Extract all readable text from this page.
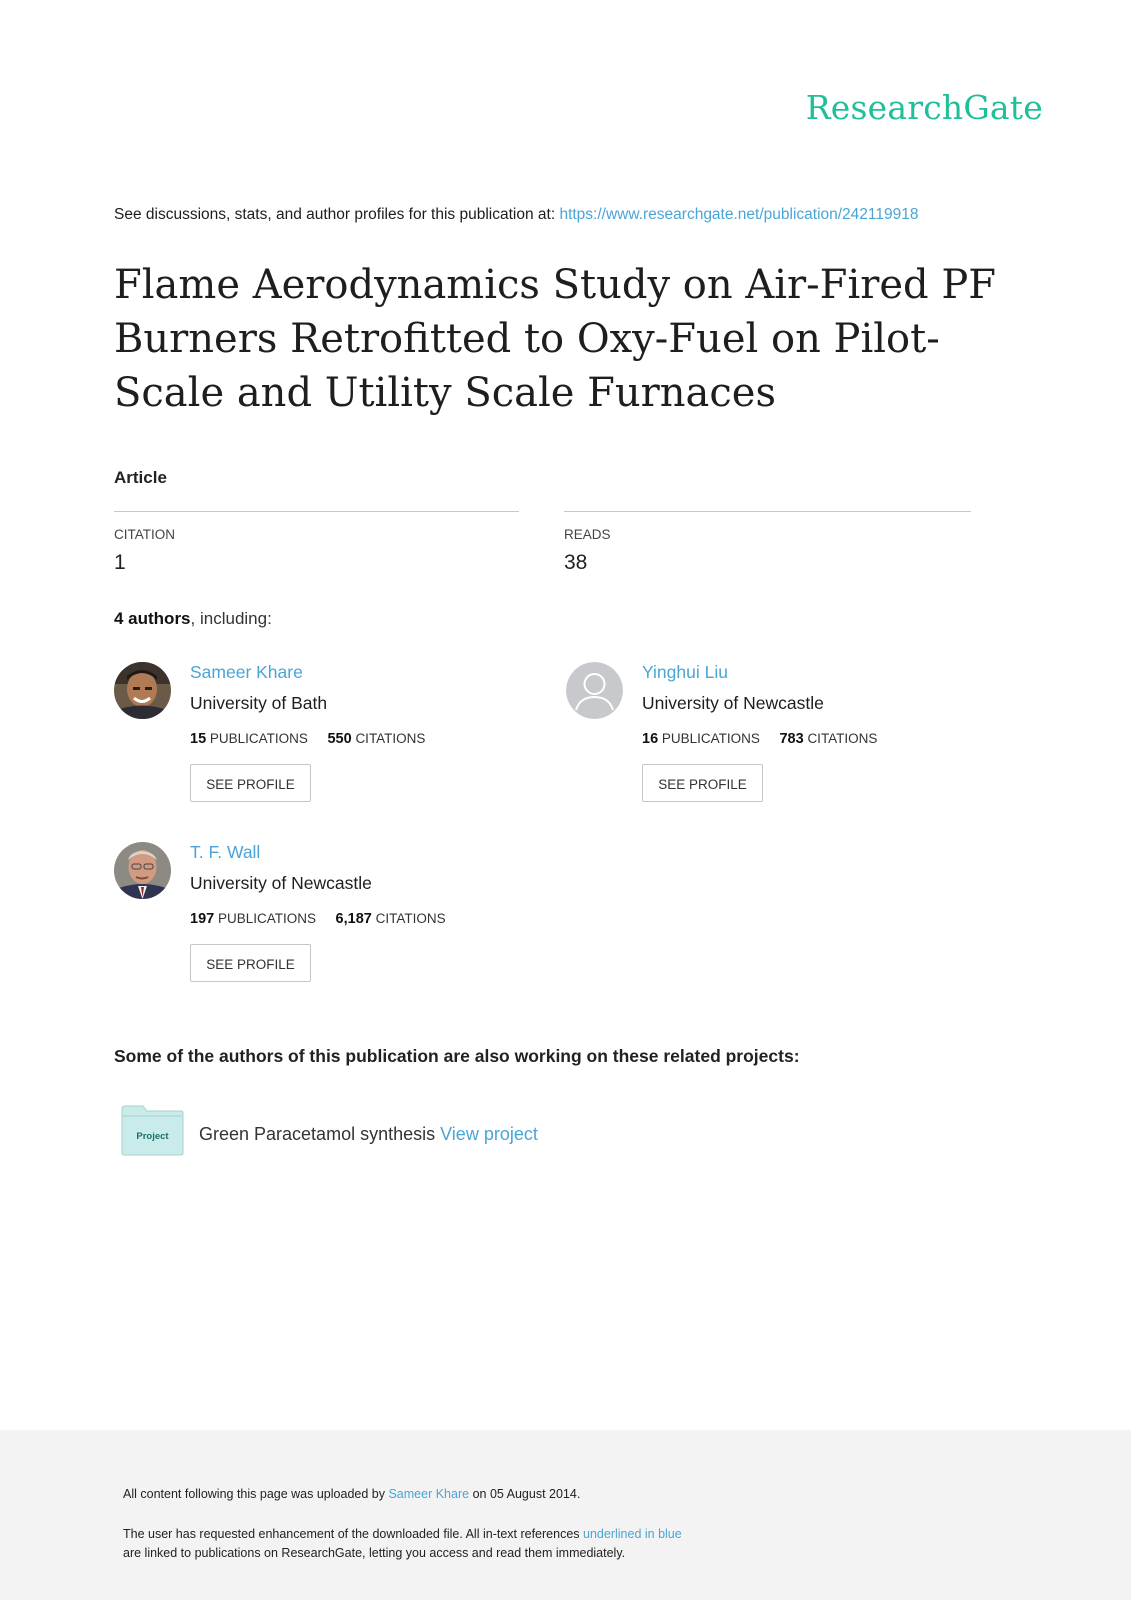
ResearchGate
See discussions, stats, and author profiles for this publication at: https://www.researchgate.net/publication/242119918
Flame Aerodynamics Study on Air-Fired PF Burners Retrofitted to Oxy-Fuel on Pilot-Scale and Utility Scale Furnaces
Article
CITATION
1
READS
38
4 authors, including:
Sameer Khare
University of Bath
15 PUBLICATIONS 550 CITATIONS
SEE PROFILE
Yinghui Liu
University of Newcastle
16 PUBLICATIONS 783 CITATIONS
SEE PROFILE
T. F. Wall
University of Newcastle
197 PUBLICATIONS 6,187 CITATIONS
SEE PROFILE
Some of the authors of this publication are also working on these related projects:
Project Green Paracetamol synthesis View project
All content following this page was uploaded by Sameer Khare on 05 August 2014.
The user has requested enhancement of the downloaded file. All in-text references underlined in blue
are linked to publications on ResearchGate, letting you access and read them immediately.
